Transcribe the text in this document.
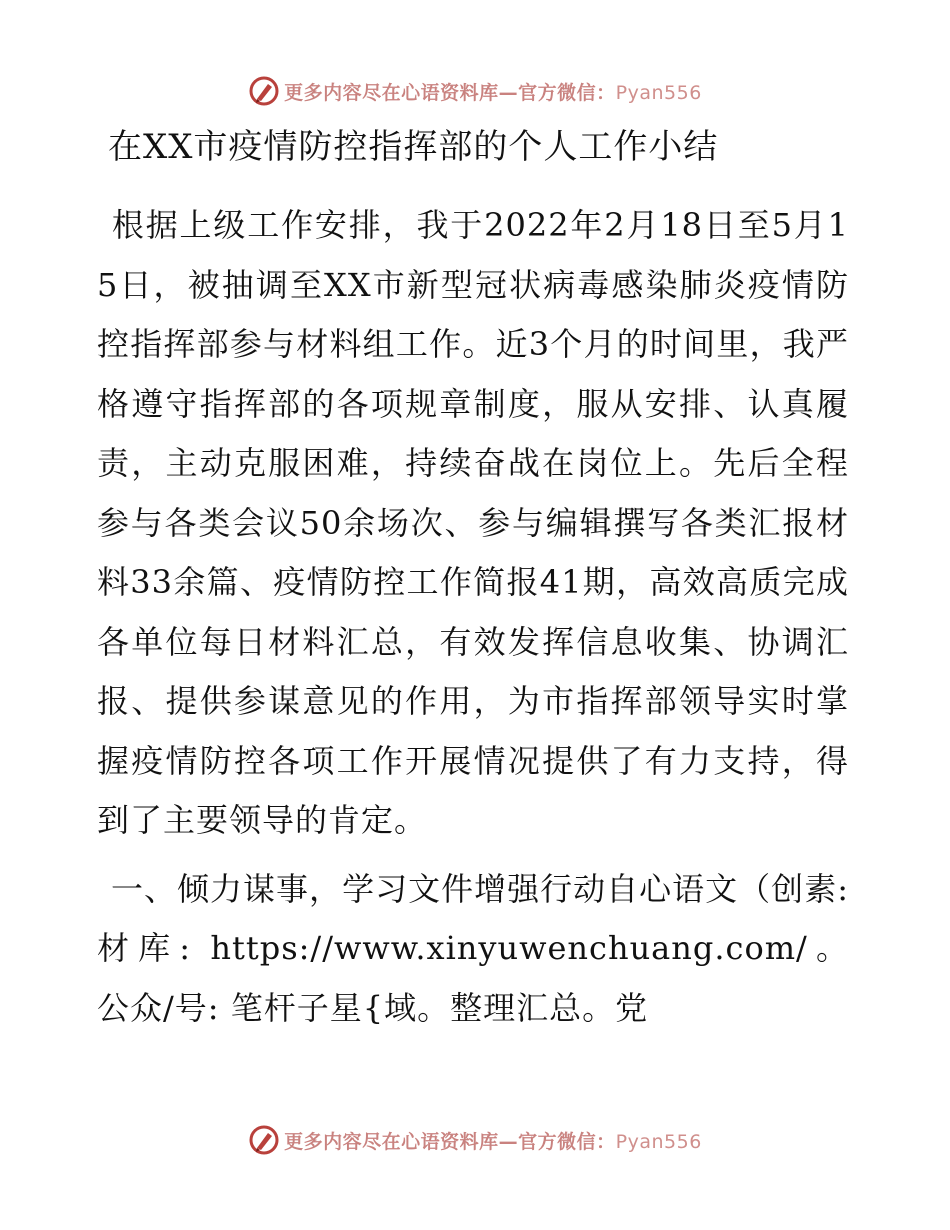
更多内容尽在心语资料库—官方微信：Pyan556
在XX市疫情防控指挥部的个人工作小结

根据上级工作安排，我于2022年2月18日至5月15日，被抽调至XX市新型冠状病毒感染肺炎疫情防控指挥部参与材料组工作。近3个月的时间里，我严格遵守指挥部的各项规章制度，服从安排、认真履责，主动克服困难，持续奋战在岗位上。先后全程参与各类会议50余场次、参与编辑撰写各类汇报材料33余篇、疫情防控工作简报41期，高效高质完成各单位每日材料汇总，有效发挥信息收集、协调汇报、提供参谋意见的作用，为市指挥部领导实时掌握疫情防控各项工作开展情况提供了有力支持，得到了主要领导的肯定。

一、倾力谋事，学习文件增强行动自心语文（创素:材库: https://www.xinyuwenchuang.com/。公众/号: 笔杆子星{域。整理汇总。党

更多内容尽在心语资料库—官方微信：Pyan556
